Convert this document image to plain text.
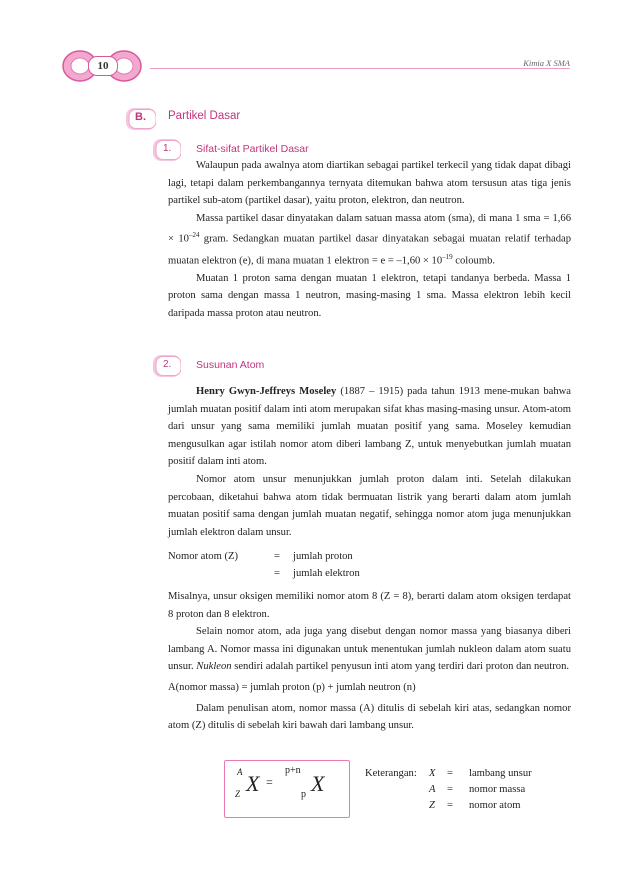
10	Kimia X SMA
B. Partikel Dasar
1. Sifat-sifat Partikel Dasar

Walaupun pada awalnya atom diartikan sebagai partikel terkecil yang tidak dapat dibagi lagi, tetapi dalam perkembangannya ternyata ditemukan bahwa atom tersusun atas tiga jenis partikel sub-atom (partikel dasar), yaitu proton, elektron, dan neutron.

Massa partikel dasar dinyatakan dalam satuan massa atom (sma), di mana 1 sma = $1,66 \times 10^{-24}$ gram. Sedangkan muatan partikel dasar dinyatakan sebagai muatan relatif terhadap muatan elektron (e), di mana muatan 1 elektron = $e = -1,60 \times 10^{-19}$ coloumb.

Muatan 1 proton sama dengan muatan 1 elektron, tetapi tandanya berbeda. Massa 1 proton sama dengan massa 1 neutron, masing-masing 1 sma. Massa elektron lebih kecil daripada massa proton atau neutron.

2. Susunan Atom

Henry Gwyn-Jeffreys Moseley (1887 – 1915) pada tahun 1913 mene-mukan bahwa jumlah muatan positif dalam inti atom merupakan sifat khas masing-masing unsur. Atom-atom dari unsur yang sama memiliki jumlah muatan positif yang sama. Moseley kemudian mengusulkan agar istilah nomor atom diberi lambang Z, untuk menyebutkan jumlah muatan positif dalam inti atom.

Nomor atom unsur menunjukkan jumlah proton dalam inti. Setelah dilakukan percobaan, diketahui bahwa atom tidak bermuatan listrik yang berarti dalam atom jumlah muatan positif sama dengan jumlah muatan negatif, sehingga nomor atom juga menunjukkan jumlah elektron dalam unsur.

Nomor atom (Z)	=	jumlah proton
=	jumlah elektron

Misalnya, unsur oksigen memiliki nomor atom 8 (Z = 8), berarti dalam atom oksigen terdapat 8 proton dan 8 elektron.

Selain nomor atom, ada juga yang disebut dengan nomor massa yang biasanya diberi lambang A. Nomor massa ini digunakan untuk menentukan jumlah nukleon dalam atom suatu unsur. Nukleon sendiri adalah partikel penyusun inti atom yang terdiri dari proton dan neutron.

A(nomor massa) = jumlah proton (p) + jumlah neutron (n)

Dalam penulisan atom, nomor massa (A) ditulis di sebelah kiri atas, sedangkan nomor atom (Z) ditulis di sebelah kiri bawah dari lambang unsur.

A
Z X =
p+n
p X	Keterangan:	X	=	lambang unsur
A	=	nomor massa
Z	=	nomor atom
